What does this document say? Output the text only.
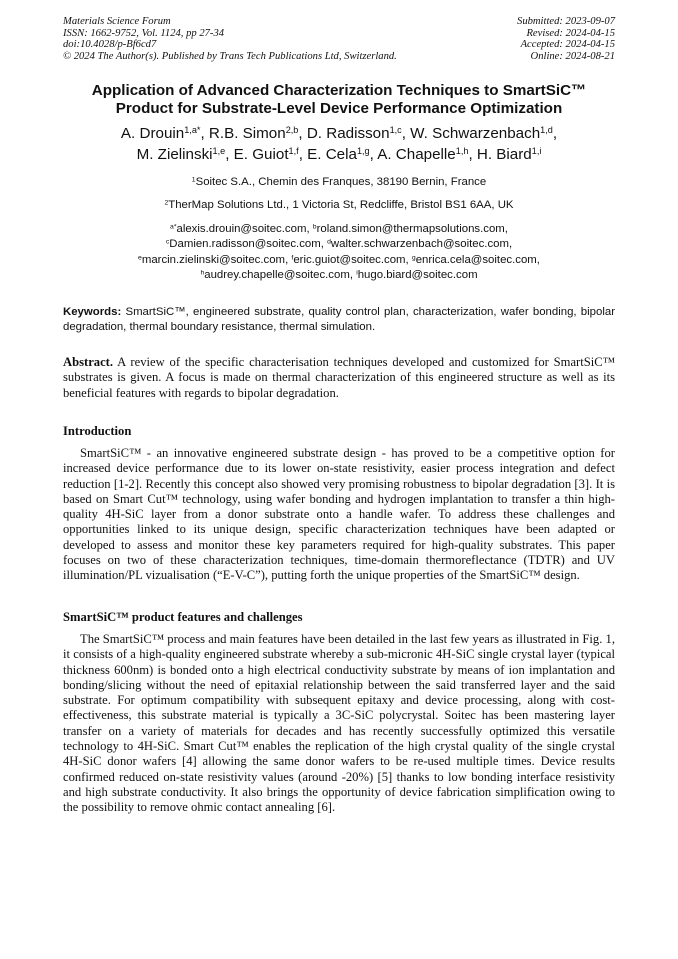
Materials Science Forum
ISSN: 1662-9752, Vol. 1124, pp 27-34
doi:10.4028/p-Bf6cd7
© 2024 The Author(s). Published by Trans Tech Publications Ltd, Switzerland.
Submitted: 2023-09-07
Revised: 2024-04-15
Accepted: 2024-04-15
Online: 2024-08-21
Application of Advanced Characterization Techniques to SmartSiC™
Product for Substrate-Level Device Performance Optimization
A. Drouin$^{1,a*}$, R.B. Simon$^{2,b}$, D. Radisson$^{1,c}$, W. Schwarzenbach$^{1,d}$,
M. Zielinski$^{1,e}$, E. Guiot$^{1,f}$, E. Cela$^{1,g}$, A. Chapelle$^{1,h}$, H. Biard$^{1,i}$
$^1$Soitec S.A., Chemin des Franques, 38190 Bernin, France
$^2$TherMap Solutions Ltd., 1 Victoria St, Redcliffe, Bristol BS1 6AA, UK
$^{a*}$alexis.drouin@soitec.com, $^b$roland.simon@thermapsolutions.com,
$^c$Damien.radisson@soitec.com, $^d$walter.schwarzenbach@soitec.com,
$^e$marcin.zielinski@soitec.com, $^f$eric.guiot@soitec.com, $^g$enrica.cela@soitec.com,
$^h$audrey.chapelle@soitec.com, $^i$hugo.biard@soitec.com
Keywords: SmartSiC™, engineered substrate, quality control plan, characterization, wafer bonding, bipolar degradation, thermal boundary resistance, thermal simulation.
Abstract. A review of the specific characterisation techniques developed and customized for SmartSiC™ substrates is given. A focus is made on thermal characterization of this engineered structure as well as its beneficial features with regards to bipolar degradation.
Introduction

SmartSiC™ - an innovative engineered substrate design - has proved to be a competitive option for increased device performance due to its lower on-state resistivity, easier process integration and defect reduction [1-2]. Recently this concept also showed very promising robustness to bipolar degradation [3]. It is based on Smart Cut™ technology, using wafer bonding and hydrogen implantation to transfer a thin high-quality 4H-SiC layer from a donor substrate onto a handle wafer. To address these challenges and opportunities linked to its unique design, specific characterization techniques have been adapted or developed to assess and monitor these key parameters required for high-quality substrates. This paper focuses on two of these characterization techniques, time-domain thermoreflectance (TDTR) and UV illumination/PL vizualisation (“E-V-C”), putting forth the unique properties of the SmartSiC™ design.

SmartSiC™ product features and challenges

The SmartSiC™ process and main features have been detailed in the last few years as illustrated in Fig. 1, it consists of a high-quality engineered substrate whereby a sub-micronic 4H-SiC single crystal layer (typical thickness 600nm) is bonded onto a high electrical conductivity substrate by means of ion implantation and bonding/slicing without the need of epitaxial relationship between the said transferred layer and the said substrate. For optimum compatibility with subsequent epitaxy and device processing, along with cost-effectiveness, this substrate material is typically a 3C-SiC polycrystal. Soitec has been mastering layer transfer on a variety of materials for decades and has recently successfully optimized this versatile technology to 4H-SiC. Smart Cut™ enables the replication of the high crystal quality of the single crystal 4H-SiC donor wafers [4] allowing the same donor wafers to be re-used multiple times. Device results confirmed reduced on-state resistivity values (around -20%) [5] thanks to low bonding interface resistivity and high substrate conductivity. It also brings the opportunity of device fabrication simplification owing to the possibility to remove ohmic contact annealing [6].
